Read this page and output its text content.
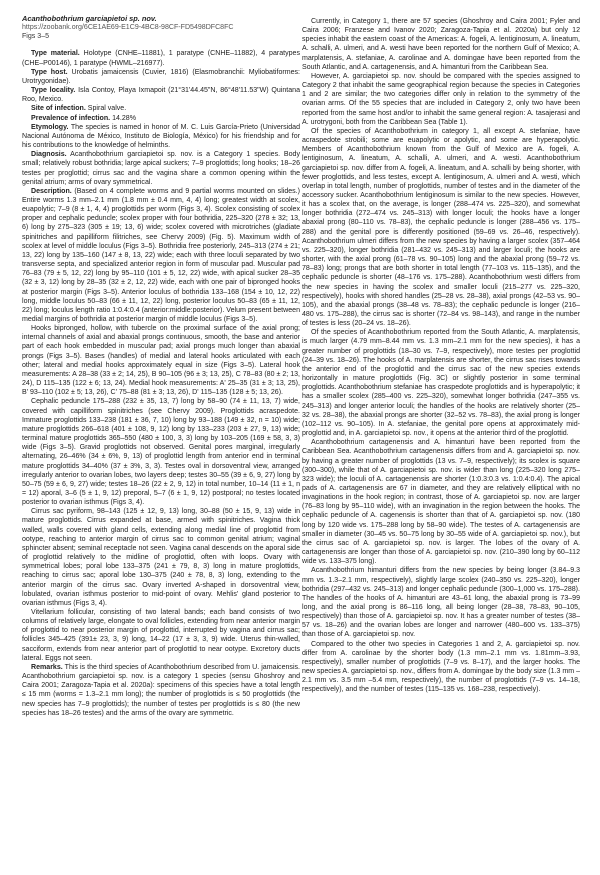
Acanthobothrium garciapietoi sp. nov.
https://zoobank.org/6CE1AE69-E1C9-4BC8-98CF-FD5498DFC8FC
Figs 3–5

Type material. Holotype (CNHE–11881), 1 paratype (CNHE–11882), 4 paratypes (CHE–P00146), 1 paratype (HWML–216977).

Type host. Urobatis jamaicensis (Cuvier, 1816) (Elasmobranchii: Myliobatiformes: Urotrygonidae).

Type locality. Isla Contoy, Playa Ixmapoit (21°31'44.45"N, 86°48'11.53"W) Quintana Roo, Mexico.

Site of infection. Spiral valve.

Prevalence of infection. 14.28%

Etymology. The species is named in honor of M. C. Luis García-Prieto (Universidad Nacional Autónoma de México, Instituto de Biología, México) for his friendship and for his contributions to the knowledge of helminths.

Diagnosis. Acanthobothrium garciapietoi sp. nov. is a Category 1 species. Body small; relatively robust bothridia; large apical suckers; 7–9 proglottids; long hooks; 18–26 testes per proglottid; cirrus sac and the vagina share a common opening within the genital atrium; arms of ovary symmetrical.

Description. (Based on 4 complete worms and 9 partial worms mounted on slides.) Entire worms 1.3 mm–2.1 mm (1.8 mm ± 0.4 mm, 4, 4) long; greatest width at scolex, euapolytic; 7–9 (8 ± 1, 4, 4) proglottids per worm (Figs 3, 4). Scolex consisting of scolex proper and cephalic peduncle; scolex proper with four bothridia, 225–320 (278 ± 32; 13, 6) long by 275–323 (305 ± 19; 13, 6) wide; scolex covered with microtriches (gladiate spinitriches and papilliform filitriches, see Chervy 2009) (Fig. 5). Maximum width of scolex at level of middle loculus (Figs 3–5). Bothridia free posteriorly, 245–313 (274 ± 21; 13, 22) long by 135–160 (147 ± 8, 13, 22) wide; each with three loculi separated by two transverse septa, and specialized anterior region in form of muscular pad. Muscular pad 76–83 (79 ± 5, 12, 22) long by 95–110 (101 ± 5, 12, 22) wide, with apical sucker 28–35 (32 ± 3, 12) long by 28–35 (32 ± 2, 12, 22) wide, each with one pair of bipronged hooks at posterior margin (Figs 3–5). Anterior loculus of bothridia 133–168 (154 ± 10, 12, 22) long, middle loculus 50–83 (66 ± 11, 12, 22) long, posterior loculus 50–83 (65 ± 11, 12, 22) long; loculus length ratio 1:0.4:0.4 (anterior:middle:posterior). Velum present between medial margins of bothridia at posterior margin of middle loculus (Figs 3–5).

Hooks bipronged, hollow, with tubercle on the proximal surface of the axial prong; internal channels of axial and abaxial prongs continuous, smooth, the base and anterior part of each hook embedded in muscular pad; axial prongs much longer than abaxial prongs (Figs 3–5). Bases (handles) of medial and lateral hooks articulated with each other; lateral and medial hooks approximately equal in size (Figs 3–5). Lateral hook measurements: A 28–38 (33 ± 2; 14, 25), B 90–105 (96 ± 3; 13, 25), C 78–83 (80 ± 2; 13, 24), D 115–135 (122 ± 6; 13, 24). Medial hook measurements: A' 25–35 (31 ± 3; 13, 25), B' 93–110 (102 ± 5; 13, 26), C' 75–88 (81 ± 3; 13, 26), D' 115–135 (128 ± 5; 13, 26).

Cephalic peduncle 175–288 (232 ± 35, 13, 7) long by 58–90 (74 ± 11, 13, 7) wide, covered with capilliform spinitriches (see Chervy 2009). Proglottids acraspedote. Immature proglottids 133–238 (181 ± 36, 7, 10) long by 93–188 (149 ± 32, n = 10) wide; mature proglottids 266–618 (401 ± 108, 9, 12) long by 133–233 (203 ± 27, 9, 13) wide; terminal mature proglottids 365–550 (480 ± 100, 3, 3) long by 103–205 (169 ± 58, 3, 3) wide (Figs 3–5). Gravid proglottids not observed. Genital pores marginal, irregularly alternating, 26–46% (34 ± 6%, 9, 13) of proglottid length from anterior end in terminal mature proglottids 34–40% (37 ± 3%, 3, 3). Testes oval in dorsoventral view, arranged irregularly anterior to ovarian lobes, two layers deep; testes 30–55 (39 ± 6, 9, 27) long by 50–75 (59 ± 6, 9, 27) wide; testes 18–26 (22 ± 2, 9, 12) in total number, 10–14 (11 ± 1, n = 12) aporal, 3–6 (5 ± 1, 9, 12) preporal, 5–7 (6 ± 1, 9, 12) postporal; no testes located posterior to ovarian isthmus (Figs 3, 4).

Cirrus sac pyriform, 98–143 (125 ± 12, 9, 13) long, 30–88 (50 ± 15, 9, 13) wide in mature proglottids. Cirrus expanded at base, armed with spinitriches. Vagina thick walled, walls covered with gland cells, extending along medial line of proglottid from ootype, reaching to anterior margin of cirrus sac to common genital atrium; vaginal sphincter absent; seminal receptacle not seen. Vagina canal descends on the aporal side of proglottid relatively to the midline of proglottid, often with loops. Ovary with symmetrical lobes; poral lobe 133–375 (241 ± 79, 8, 3) long in mature proglottids, reaching to cirrus sac; aporal lobe 130–375 (240 ± 78, 8, 3) long, extending to the anterior margin of the cirrus sac. Ovary inverted A-shaped in dorsoventral view, lobulated, ovarian isthmus posterior to mid-point of ovary. Mehlis' gland posterior to ovarian isthmus (Figs 3, 4).

Vitellarium follicular, consisting of two lateral bands; each band consists of two columns of relatively large, elongate to oval follicles, extending from near anterior margin of proglottid to near posterior margin of proglottid, interrupted by vagina and cirrus sac; follicles 345–425 (391± 23, 3, 9) long, 14–22 (17 ± 3, 3, 9) wide. Uterus thin-walled, sacciform, extends from near anterior part of proglottid to near ootype. Excretory ducts lateral. Eggs not seen.

Remarks. This is the third species of Acanthobothrium described from U. jamaicensis. Acanthobothrium garciapietoi sp. nov. is a category 1 species (sensu Ghoshroy and Caira 2001; Zaragoza-Tapia et al. 2020a): specimens of this species have a total length ≤ 15 mm (worms = 1.3–2.1 mm long); the number of proglottids is ≤ 50 proglottids (the new species has 7–9 proglottids); the number of testes per proglottids is ≤ 80 (the new species has 18–26 testes) and the arms of the ovary are symmetric.

Currently, in Category 1, there are 57 species (Ghoshroy and Caira 2001; Fyler and Caira 2006; Franzese and Ivanov 2020; Zaragoza-Tapia et al. 2020a) but only 12 species inhabit the eastern coast of the Americas: A. fogeli, A. lentiginosum, A. lineatum, A. schalli, A. ulmeri, and A. westi have been reported for the northern Gulf of Mexico; A. marplatensis, A. stefaniae, A. carolinae and A. domingae have been reported from the South Atlantic, and A. cartagenensis, and A. himanturi from the Caribbean Sea.

However, A. garciapietoi sp. nov. should be compared with the species assigned to Category 2 that inhabit the same geographical region because the species in Categories 1 and 2 are similar; the two categories differ only in relation to the symmetry of the ovarian arms. Of the 55 species that are included in Category 2, only two have been reported from the same host and/or to inhabit the same general region: A. tasajerasi and A. urotrygoni, both from the Caribbean Sea (Table 1).

Of the species of Acanthobothrium in category 1, all except A. stefaniae, have acraspedote strobili; some are euapolytic or apolytic, and some are hyperapolytic. Members of Acanthobothrium known from the Gulf of Mexico are A. fogeli, A. lentiginosum, A. lineatum, A. schalli, A. ulmeri, and A. westi. Acanthobothrium garciapietoi sp. nov. differ from A. fogeli, A. lineatum, and A. schalli by being shorter, with fewer proglottids, and less testes, except A. lentiginosum, A. ulmeri and A. westi, which overlap in total length, number of proglottids, number of testes and in the diameter of the accessory sucker. Acanthobothrium lentiginosum is similar to the new species. However, it has a scolex that, on the average, is longer (288–474 vs. 225–320), and somewhat longer bothridia (272–474 vs. 245–313) with longer loculi; the hooks have a longer abaxial prong (80–110 vs. 78–83), the cephalic peduncle is longer (288–456 vs. 175–288) and the genital pore is differently positioned (59–69 vs. 26–46, respectively). Acanthobothrium ulmeri differs from the new species by having a larger scolex (357–464 vs. 225–320), longer bothridia (281–432 vs. 245–313) and larger loculi; the hooks are shorter, with the axial prong (61–78 vs. 90–105) long and the abaxial prong (59–72 vs. 78–83) long; prongs that are both shorter in total length (77–103 vs. 115–135), and the cephalic peduncle is shorter (48–176 vs. 175–288). Acanthobothrium westi differs from the new species in having the scolex and smaller loculi (215–277 vs. 225–320, respectively), hooks with shored handles (25–28 vs. 28–38), axial prongs (42–53 vs. 90–105), and the abaxial prongs (38–48 vs. 78–83); the cephalic peduncle is longer (216–480 vs. 175–288), the cirrus sac is shorter (72–84 vs. 98–143), and range in the number of testes is less (20–24 vs. 18–26).

Of the species of Acanthobothrium reported from the South Atlantic, A. marplatensis, is much larger (4.79 mm–8.44 mm vs. 1.3 mm–2.1 mm for the new species), it has a greater number of proglottids (18–30 vs. 7–9, respectively), more testes per proglottid (24–39 vs. 18–26). The hooks of A. marplatensis are shorter, the cirrus sac rises towards the anterior end of the proglottid and the cirrus sac of the new species extends horizontally in mature proglottids (Fig. 3C) or slightly posterior in some terminal proglottids. Acanthobothrium stefaniae has craspedote proglottids and is hyperapolytic; it has a smaller scolex (285–400 vs. 225–320), somewhat longer bothridia (247–355 vs. 245–313) and longer anterior loculi; the handles of the hooks are relatively shorter (25–32 vs. 28–38), the abaxial prongs are shorter (32–52 vs. 78–83), the axial prong is longer (102–112 vs. 90–105). In A. stefaniae, the genital pore opens at approximately mid-proglottid and, in A. garciapietoi sp. nov., it opens at the anterior third of the proglottid.

Acanthobothrium cartagenensis and A. himanturi have been reported from the Caribbean Sea. Acanthobothrium cartagenensis differs from and A. garciapietoi sp. nov. by having a greater number of proglottids (13 vs. 7–9, respectively); its scolex is square (300–300), while that of A. garciapietoi sp. nov. is wider than long (225–320 long 275–323 wide); the loculi of A. cartagenensis are shorter (1:0.3:0.3 vs. 1:0.4:0.4). The apical pads of A. cartagenensis are 67 in diameter, and they are relatively elliptical with no invaginations in the hook region; in contrast, those of A. garciapietoi sp. nov. are larger (76–83 long by 95–110 wide), with an invagination in the region between the hooks. The cephalic peduncle of A. cagenensis is shorter than that of A. garciapietoi sp. nov. (180 long by 120 wide vs. 175–288 long by 58–90 wide). The testes of A. cartagenensis are smaller in diameter (30–45 vs. 50–75 long by 30–55 wide of A. garciapietoi sp. nov.), but the cirrus sac of A. garciapietoi sp. nov. is larger. The lobes of the ovary of A. cartagenensis are longer than those of A. garciapietoi sp. nov. (210–390 long by 60–112 wide vs. 133–375 long).

Acanthobothrium himanturi differs from the new species by being longer (3.84–9.3 mm vs. 1.3–2.1 mm, respectively), slightly large scolex (240–350 vs. 225–320), longer bothridia (297–432 vs. 245–313) and longer cephalic peduncle (300–1,000 vs. 175–288). The handles of the hooks of A. himanturi are 43–61 long, the abaxial prong is 73–99 long, and the axial prong is 86–116 long, all being longer (28–38, 78–83, 90–105, respectively) than those of A. garciapietoi sp. nov. It has a greater number of testes (38–57 vs. 18–26) and the ovarian lobes are longer and narrower (480–600 vs. 133–375) than those of A. garciapietoi sp. nov.

Compared to the other two species in Categories 1 and 2, A. garciapietoi sp. nov. differ from A. carolinae by the shorter body (1.3 mm–2.1 mm vs. 1.81mm–3.93, respectively), smaller number of proglottids (7–9 vs. 8–17), and the larger hooks. The new species A. garciapietoi sp. nov., differs from A. domingae by the body size (1.3 mm –2.1 mm vs. 3.5 mm –5.4 mm, respectively), the number of proglottids (7–9 vs. 14–18, respectively), and the number of testes (115–135 vs. 168–238, respectively).
